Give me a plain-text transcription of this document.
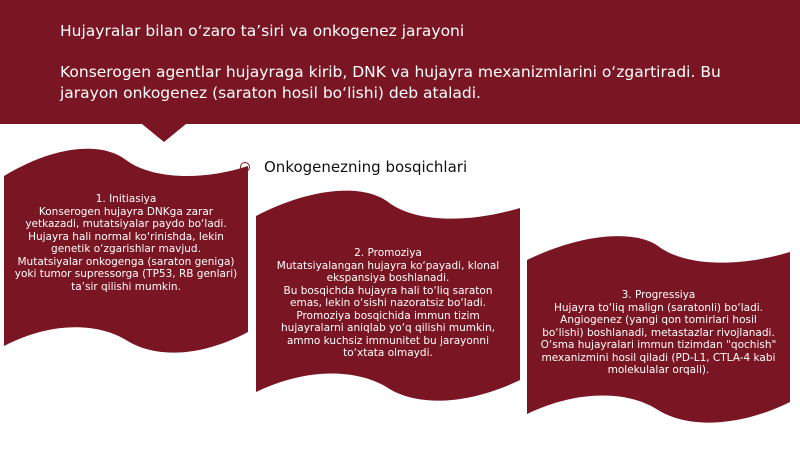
Hujayralar bilan o‘zaro ta’siri va onkogenez jarayoni
Konserogen agentlar hujayraga kirib, DNK va hujayra mexanizmlarini o‘zgartiradi. Bu
jarayon onkogenez (saraton hosil bo‘lishi) deb ataladi.
Onkogenezning bosqichlari
1. Initiasiya
Konserogen hujayra DNKga zarar
yetkazadi, mutatsiyalar paydo bo‘ladi.
Hujayra hali normal ko‘rinishda, lekin
genetik o‘zgarishlar mavjud.
Mutatsiyalar onkogenga (saraton geniga)
yoki tumor supressorga (TP53, RB genlari)
ta’sir qilishi mumkin.
2. Promoziya
Mutatsiyalangan hujayra ko‘payadi, klonal
ekspansiya boshlanadi.
Bu bosqichda hujayra hali to‘liq saraton
emas, lekin o‘sishi nazoratsiz bo‘ladi.
Promoziya bosqichida immun tizim
hujayralarni aniqlab yo‘q qilishi mumkin,
ammo kuchsiz immunitet bu jarayonni
to‘xtata olmaydi.
3. Progressiya
Hujayra to‘liq malign (saratonli) bo‘ladi.
Angiogenez (yangi qon tomirlari hosil
bo‘lishi) boshlanadi, metastazlar rivojlanadi.
O‘sma hujayralari immun tizimdan "qochish"
mexanizmini hosil qiladi (PD-L1, CTLA-4 kabi
molekulalar orqali).
